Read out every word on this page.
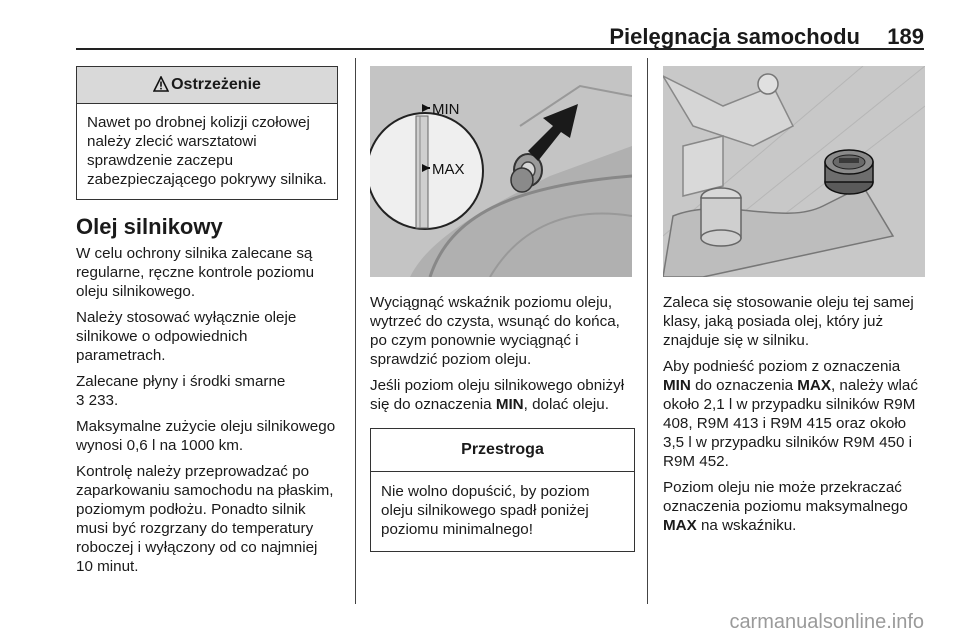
Pielęgnacja samochodu 189
Ostrzeżenie
Nawet po drobnej kolizji czołowej należy zlecić warsztatowi sprawdzenie zaczepu zabezpieczającego pokrywy silnika.
Olej silnikowy

W celu ochrony silnika zalecane są regularne, ręczne kontrole poziomu oleju silnikowego.

Należy stosować wyłącznie oleje silnikowe o odpowiednich parametrach.

Zalecane płyny i środki smarne
3 233.

Maksymalne zużycie oleju silnikowego wynosi 0,6 l na 1000 km.

Kontrolę należy przeprowadzać po zaparkowaniu samochodu na płaskim, poziomym podłożu. Ponadto silnik musi być rozgrzany do temperatury roboczej i wyłączony od co najmniej 10 minut.

MIN
MAX

Wyciągnąć wskaźnik poziomu oleju, wytrzeć do czysta, wsunąć do końca, po czym ponownie wyciągnąć i sprawdzić poziom oleju.

Jeśli poziom oleju silnikowego obniżył się do oznaczenia MIN, dolać oleju.

Przestroga
Nie wolno dopuścić, by poziom oleju silnikowego spadł poniżej poziomu minimalnego!

Zaleca się stosowanie oleju tej samej klasy, jaką posiada olej, który już znajduje się w silniku.

Aby podnieść poziom z oznaczenia MIN do oznaczenia MAX, należy wlać około 2,1 l w przypadku silników R9M 408, R9M 413 i R9M 415 oraz około 3,5 l w przypadku silników R9M 450 i R9M 452.

Poziom oleju nie może przekraczać oznaczenia poziomu maksymalnego MAX na wskaźniku.

carmanualsonline.info
